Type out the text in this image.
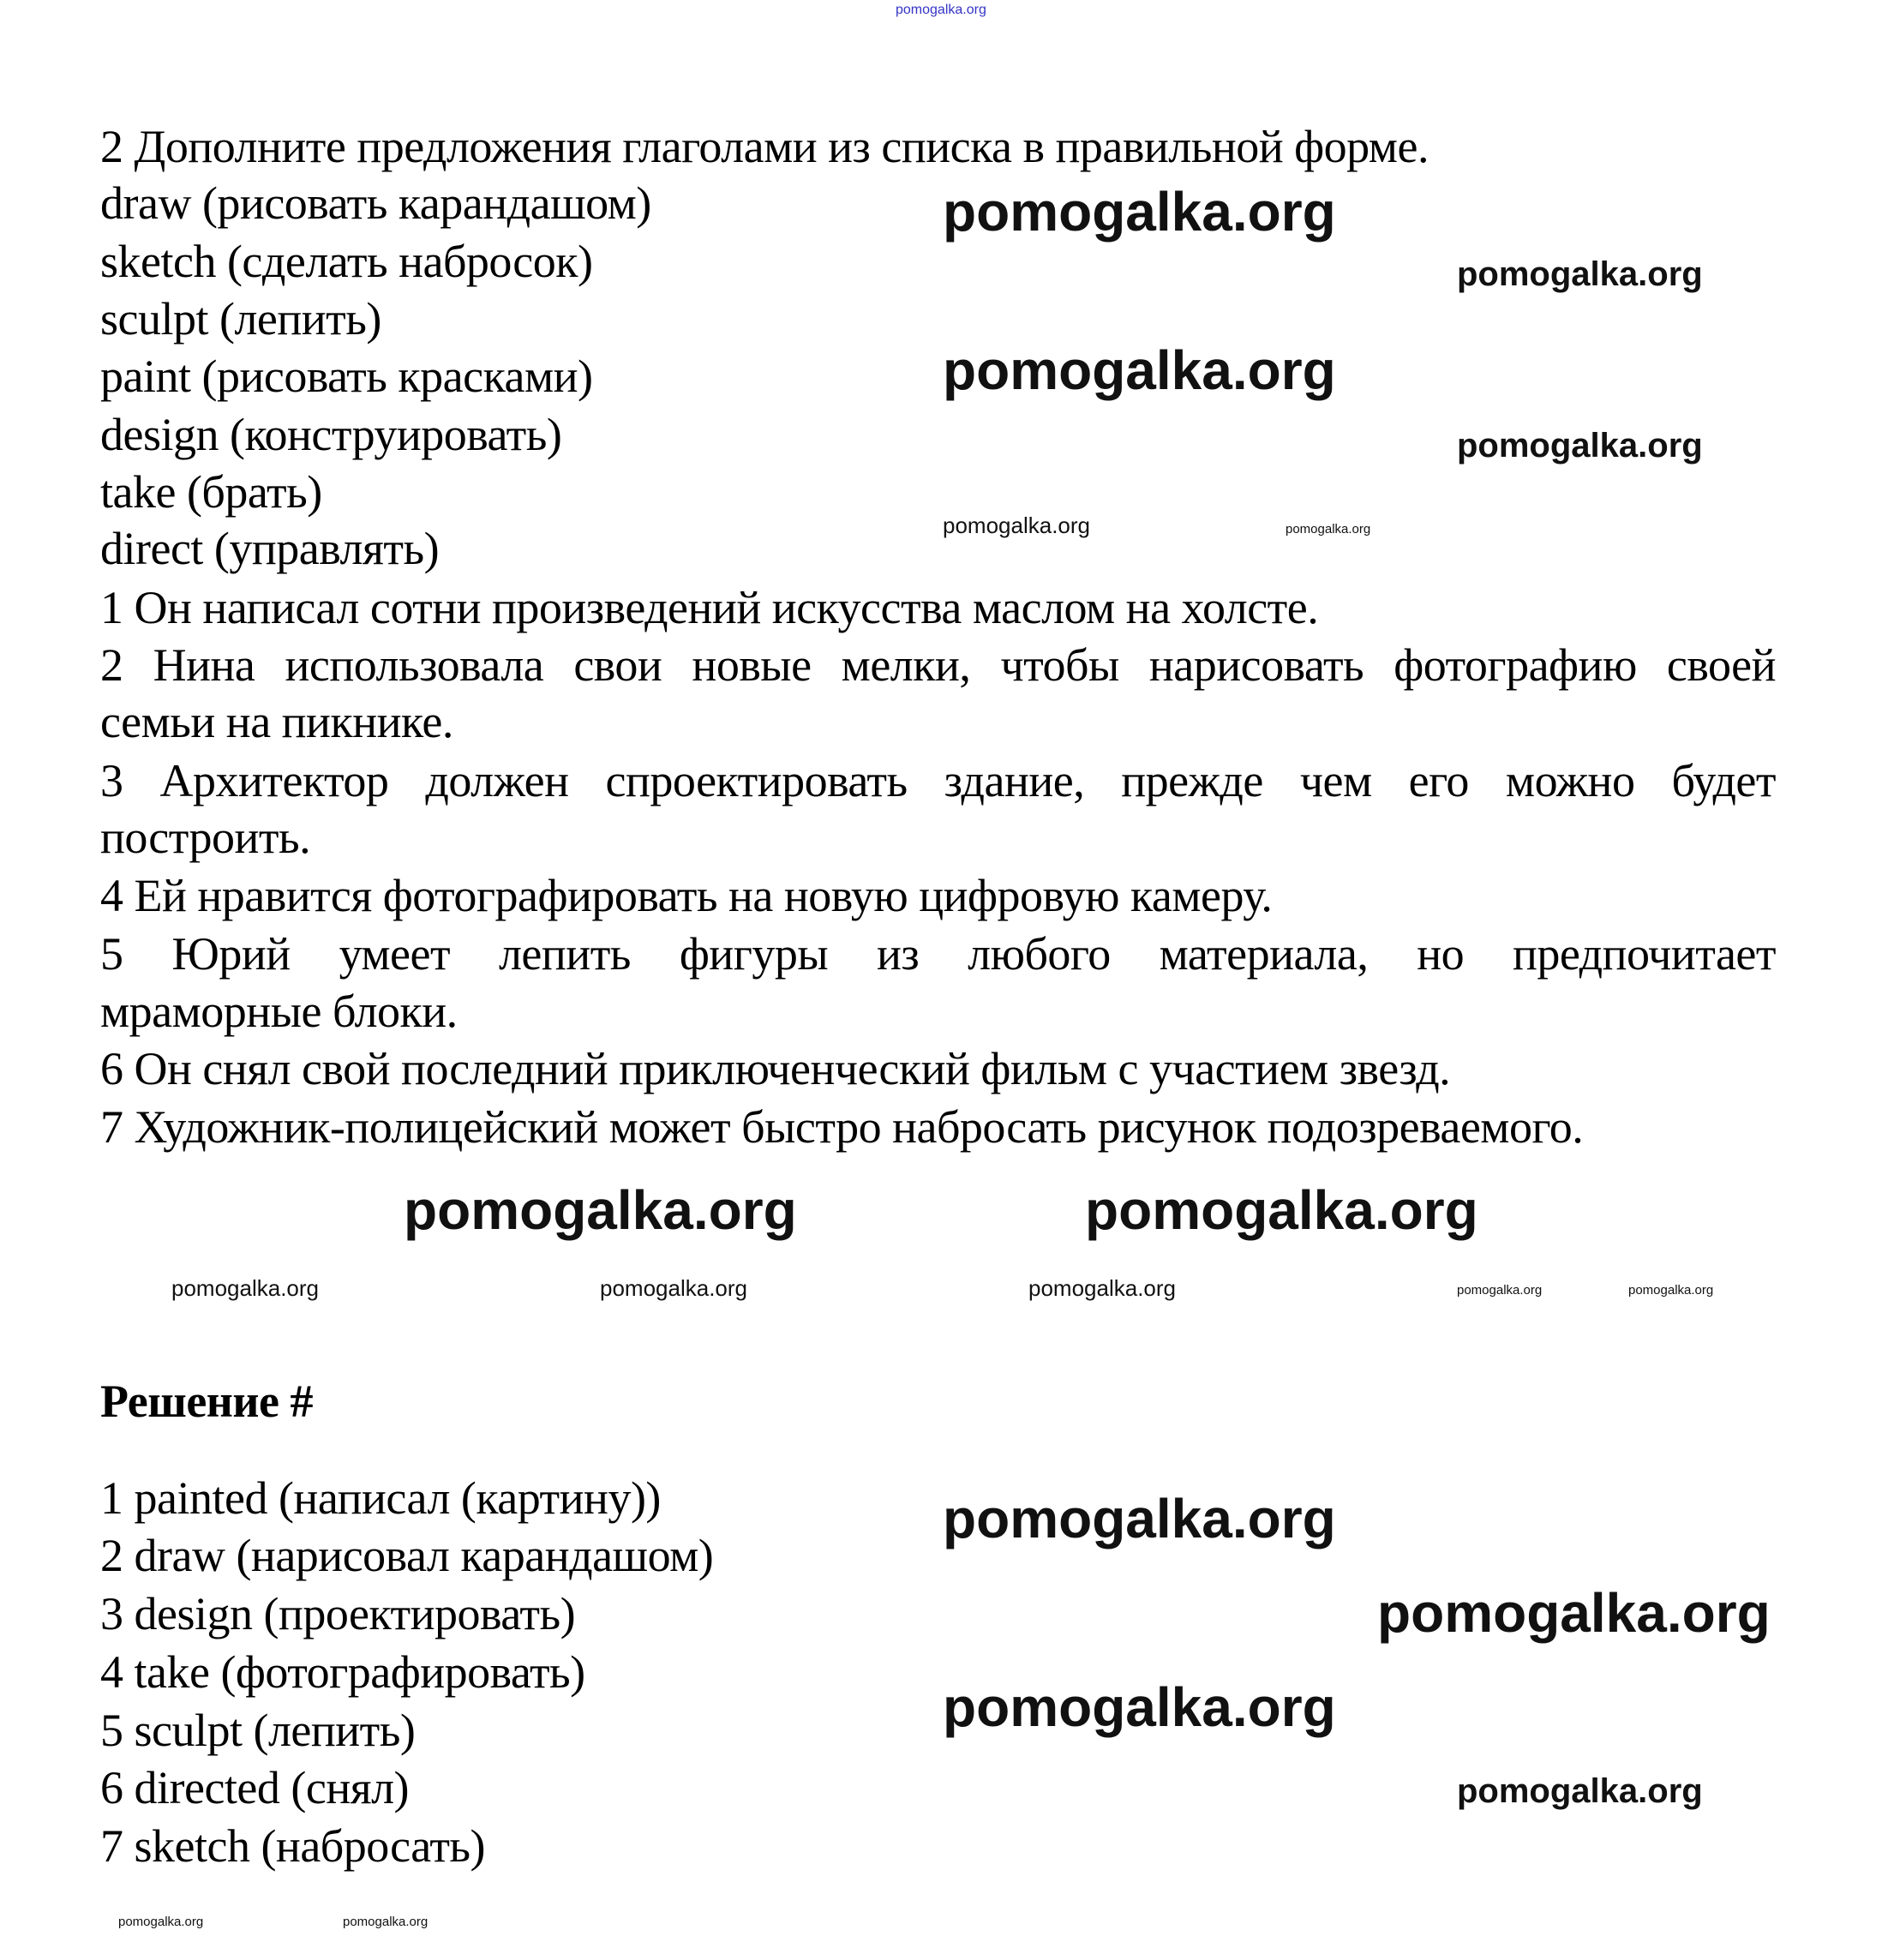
2 Дополните предложения глаголами из списка в правильной форме.
draw (рисовать карандашом)
sketch (сделать набросок)
sculpt (лепить)
paint (рисовать красками)
design (конструировать)
take (брать)
direct (управлять)
1 Он написал сотни произведений искусства маслом на холсте.
2 Нина использовала свои новые мелки, чтобы нарисовать фотографию своей
семьи на пикнике.
3 Архитектор должен спроектировать здание, прежде чем его можно будет
построить.
4 Ей нравится фотографировать на новую цифровую камеру.
5 Юрий умеет лепить фигуры из любого материала, но предпочитает
мраморные блоки.
6 Он снял свой последний приключенческий фильм с участием звезд.
7 Художник-полицейский может быстро набросать рисунок подозреваемого.
Решение #
1 painted (написал (картину))
2 draw (нарисовал карандашом)
3 design (проектировать)
4 take (фотографировать)
5 sculpt (лепить)
6 directed (снял)
7 sketch (набросать)
pomogalka.org
pomogalka.org
pomogalka.org
pomogalka.org
pomogalka.org
pomogalka.org	pomogalka.org
pomogalka.org	pomogalka.org
pomogalka.org	pomogalka.org	pomogalka.org	pomogalka.org	pomogalka.org
pomogalka.org
pomogalka.org
pomogalka.org
pomogalka.org
pomogalka.org	pomogalka.org
